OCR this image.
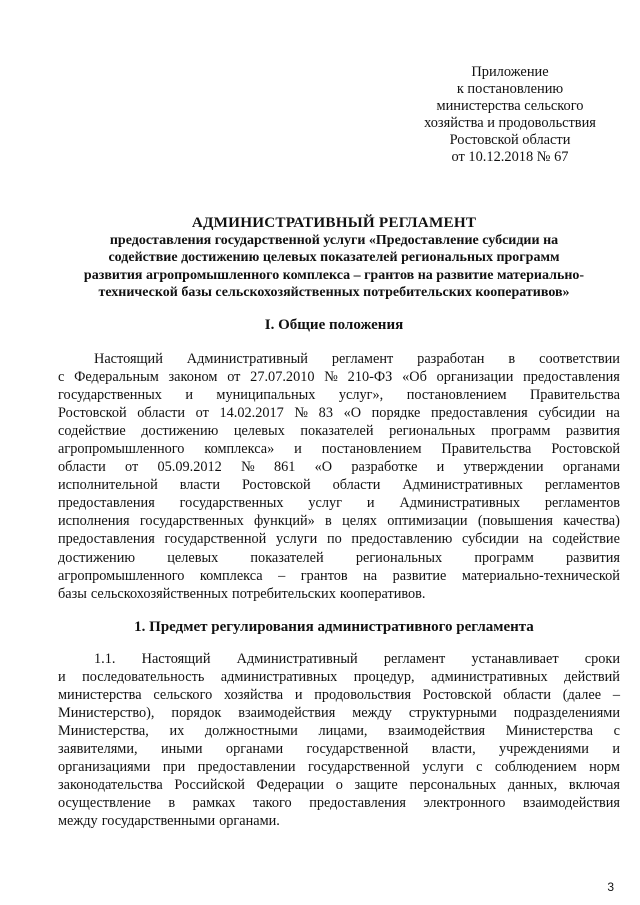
Приложение
к постановлению
министерства сельского
хозяйства и продовольствия
Ростовской области
от 10.12.2018 № 67
АДМИНИСТРАТИВНЫЙ РЕГЛАМЕНТ
предоставления государственной услуги «Предоставление субсидии на
содействие достижению целевых показателей региональных программ
развития агропромышленного комплекса – грантов на развитие материально-
технической базы сельскохозяйственных потребительских кооперативов»
I. Общие положения
Настоящий Административный регламент разработан в соответствии
с Федеральным законом от 27.07.2010 № 210-ФЗ «Об организации предоставления
государственных и муниципальных услуг», постановлением Правительства
Ростовской области от 14.02.2017 № 83 «О порядке предоставления субсидии на
содействие достижению целевых показателей региональных программ развития
агропромышленного комплекса» и постановлением Правительства Ростовской
области от 05.09.2012 № 861 «О разработке и утверждении органами
исполнительной власти Ростовской области Административных регламентов
предоставления государственных услуг и Административных регламентов
исполнения государственных функций» в целях оптимизации (повышения качества)
предоставления государственной услуги по предоставлению субсидии на содействие
достижению целевых показателей региональных программ развития
агропромышленного комплекса – грантов на развитие материально-технической
базы сельскохозяйственных потребительских кооперативов.
1. Предмет регулирования административного регламента
1.1. Настоящий Административный регламент устанавливает сроки
и последовательность административных процедур, административных действий
министерства сельского хозяйства и продовольствия Ростовской области (далее –
Министерство), порядок взаимодействия между структурными подразделениями
Министерства, их должностными лицами, взаимодействия Министерства с
заявителями, иными органами государственной власти, учреждениями и
организациями при предоставлении государственной услуги с соблюдением норм
законодательства Российской Федерации о защите персональных данных, включая
осуществление в рамках такого предоставления электронного взаимодействия
между государственными органами.
3
